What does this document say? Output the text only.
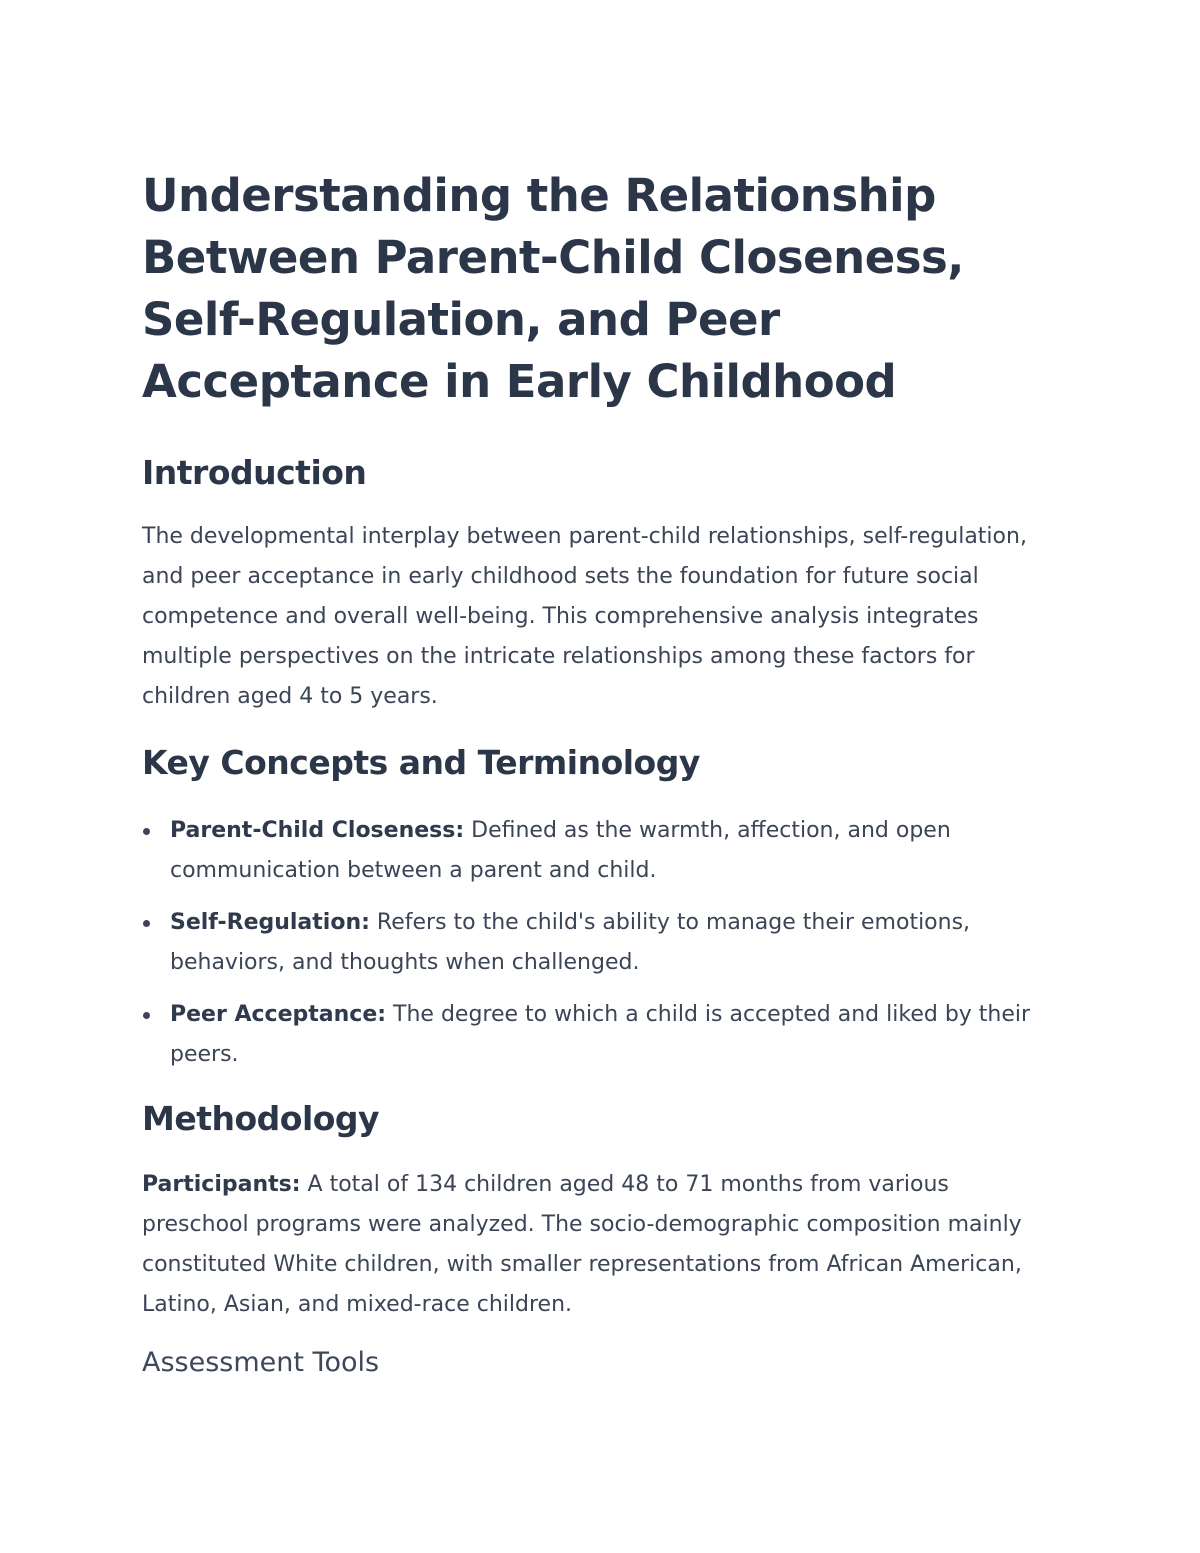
Understanding the Relationship Between Parent-Child Closeness, Self-Regulation, and Peer Acceptance in Early Childhood
Introduction

The developmental interplay between parent-child relationships, self-regulation, and peer acceptance in early childhood sets the foundation for future social competence and overall well-being. This comprehensive analysis integrates multiple perspectives on the intricate relationships among these factors for children aged 4 to 5 years.

Key Concepts and Terminology
Parent-Child Closeness: Defined as the warmth, affection, and open communication between a parent and child.
Self-Regulation: Refers to the child's ability to manage their emotions, behaviors, and thoughts when challenged.
Peer Acceptance: The degree to which a child is accepted and liked by their peers.
Methodology

Participants: A total of 134 children aged 48 to 71 months from various preschool programs were analyzed. The socio-demographic composition mainly constituted White children, with smaller representations from African American, Latino, Asian, and mixed-race children.

Assessment Tools
